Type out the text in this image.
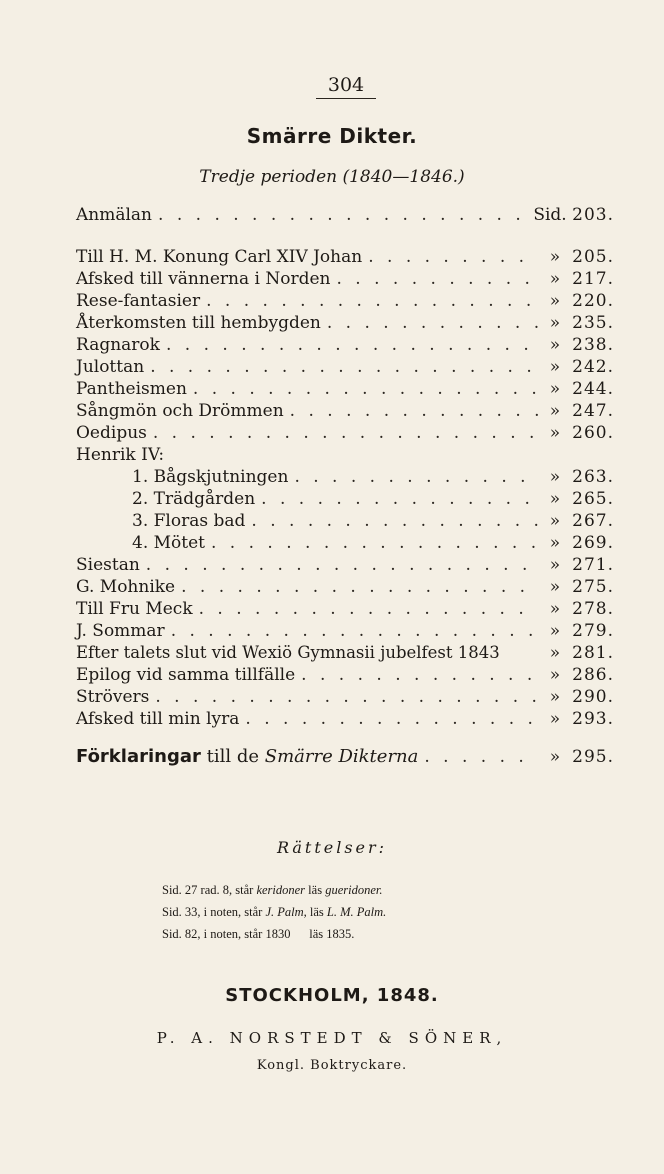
304
Smärre Dikter.
Tredje perioden (1840—1846.)
Anmälan . . .	Sid. 203.
Till H. M. Konung Carl XIV Johan . . .	» 205.
Afsked till vännerna i Norden . . .	» 217.
Rese-fantasier . . .	» 220.
Återkomsten till hembygden . . .	» 235.
Ragnarok . . .	» 238.
Julottan . . .	» 242.
Pantheismen . . .	» 244.
Sångmön och Drömmen . . .	» 247.
Oedipus . . .	» 260.
Henrik IV:
1. Bågskjutningen . . .	» 263.
2. Trädgården . . .	» 265.
3. Floras bad . . .	» 267.
4. Mötet . . .	» 269.
Siestan . . .	» 271.
G. Mohnike . . .	» 275.
Till Fru Meck . . .	» 278.
J. Sommar . . .	» 279.
Efter talets slut vid Wexiö Gymnasii jubelfest 1843	» 281.
Epilog vid samma tillfälle . . .	» 286.
Strövers . . .	» 290.
Afsked till min lyra . . .	» 293.
Förklaringar till de Smärre Dikterna . . .	» 295.
Rättelser:
Sid. 27 rad. 8, står keridoner läs gueridoner.
Sid. 33, i noten, står J. Palm, läs L. M. Palm.
Sid. 82, i noten, står 1830      läs 1835.
STOCKHOLM, 1848.
P. A. NORSTEDT & SÖNER,
Kongl. Boktryckare.
